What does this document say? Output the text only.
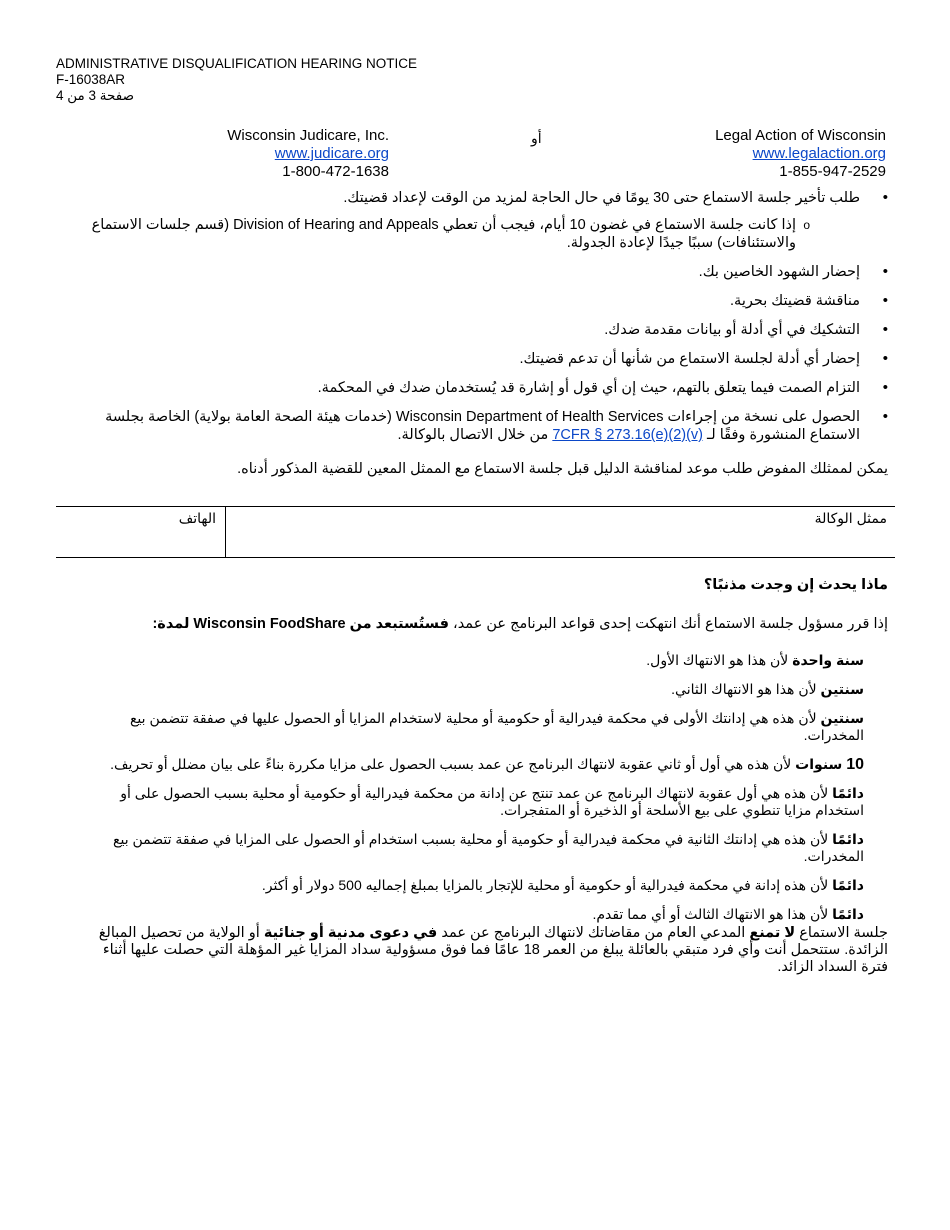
ADMINISTRATIVE DISQUALIFICATION HEARING NOTICE
F-16038AR
صفحة 3 من 4
Wisconsin Judicare, Inc.
www.judicare.org
1-800-472-1638
أو	Legal Action of Wisconsin
www.legalaction.org
1-855-947-2529
•
طلب تأخير جلسة الاستماع حتى 30 يومًا في حال الحاجة لمزيد من الوقت لإعداد قضيتك.
o
إذا كانت جلسة الاستماع في غضون 10 أيام، فيجب أن تعطي Division of Hearing and Appeals (قسم جلسات الاستماع والاستئنافات) سببًا جيدًا لإعادة الجدولة.
•
إحضار الشهود الخاصين بك.
•
مناقشة قضيتك بحرية.
•
التشكيك في أي أدلة أو بيانات مقدمة ضدك.
•
إحضار أي أدلة لجلسة الاستماع من شأنها أن تدعم قضيتك.
•
التزام الصمت فيما يتعلق بالتهم، حيث إن أي قول أو إشارة قد يُستخدمان ضدك في المحكمة.
•
الحصول على نسخة من إجراءات Wisconsin Department of Health Services (خدمات هيئة الصحة العامة بولاية) الخاصة بجلسة الاستماع المنشورة وفقًا لـ 7CFR § 273.16(e)(2)(v) من خلال الاتصال بالوكالة.
يمكن لممثلك المفوض طلب موعد لمناقشة الدليل قبل جلسة الاستماع مع الممثل المعين للقضية المذكور أدناه.
ممثل الوكالة
الهاتف
ماذا يحدث إن وجدت مذنبًا؟
إذا قرر مسؤول جلسة الاستماع أنك انتهكت إحدى قواعد البرنامج عن عمد، فستُستبعد من Wisconsin FoodShare لمدة:

سنة واحدة لأن هذا هو الانتهاك الأول.

سنتين لأن هذا هو الانتهاك الثاني.

سنتين لأن هذه هي إدانتك الأولى في محكمة فيدرالية أو حكومية أو محلية لاستخدام المزايا أو الحصول عليها في صفقة تتضمن بيع المخدرات.

10 سنوات لأن هذه هي أول أو ثاني عقوبة لانتهاك البرنامج عن عمد بسبب الحصول على مزايا مكررة بناءً على بيان مضلل أو تحريف.

دائمًا لأن هذه هي أول عقوبة لانتهاك البرنامج عن عمد تنتج عن إدانة من محكمة فيدرالية أو حكومية أو محلية بسبب الحصول على أو استخدام مزايا تنطوي على بيع الأسلحة أو الذخيرة أو المتفجرات.

دائمًا لأن هذه هي إدانتك الثانية في محكمة فيدرالية أو حكومية أو محلية بسبب استخدام أو الحصول على المزايا في صفقة تتضمن بيع المخدرات.

دائمًا لأن هذه إدانة في محكمة فيدرالية أو حكومية أو محلية للإتجار بالمزايا بمبلغ إجماليه 500 دولار أو أكثر.

دائمًا لأن هذا هو الانتهاك الثالث أو أي مما تقدم.

جلسة الاستماع لا تمنع المدعي العام من مقاضاتك لانتهاك البرنامج عن عمد في دعوى مدنية أو جنائية أو الولاية من تحصيل المبالغ الزائدة. ستتحمل أنت وأي فرد متبقي بالعائلة يبلغ من العمر 18 عامًا فما فوق مسؤولية سداد المزايا غير المؤهلة التي حصلت عليها أثناء فترة السداد الزائد.
